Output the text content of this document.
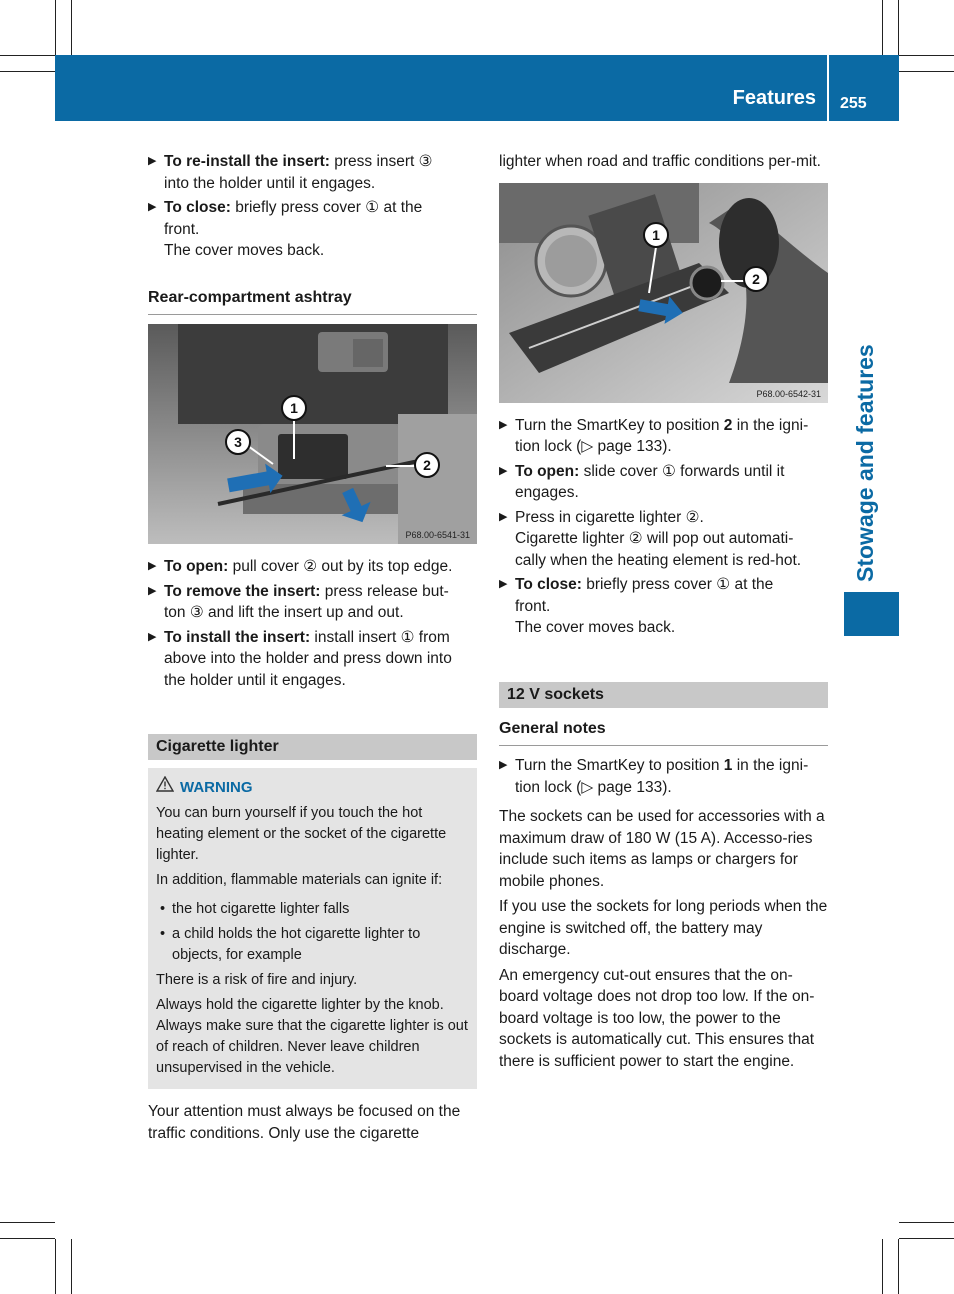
Features 255
Stowage and features
▶ To re-install the insert: press insert ③
into the holder until it engages.
▶ To close: briefly press cover ① at the
front.
The cover moves back.
Rear-compartment ashtray
1
2
3
P68.00-6541-31
▶ To open: pull cover ② out by its top edge.
▶ To remove the insert: press release but-
ton ③ and lift the insert up and out.
▶ To install the insert: install insert ① from
above into the holder and press down into
the holder until it engages.
Cigarette lighter
WARNING

You can burn yourself if you touch the hot heating element or the socket of the cigarette lighter.

In addition, flammable materials can ignite if:

• the hot cigarette lighter falls
• a child holds the hot cigarette lighter to objects, for example

There is a risk of fire and injury.

Always hold the cigarette lighter by the knob. Always make sure that the cigarette lighter is out of reach of children. Never leave children unsupervised in the vehicle.

Your attention must always be focused on the traffic conditions. Only use the cigarette

lighter when road and traffic conditions per-mit.

1
2
P68.00-6542-31
▶ Turn the SmartKey to position 2 in the igni-
tion lock (▷ page 133).
▶ To open: slide cover ① forwards until it
engages.
▶ Press in cigarette lighter ②.
Cigarette lighter ② will pop out automati-
cally when the heating element is red-hot.
▶ To close: briefly press cover ① at the
front.
The cover moves back.
12 V sockets
General notes
▶ Turn the SmartKey to position 1 in the igni-
tion lock (▷ page 133).

The sockets can be used for accessories with a maximum draw of 180 W (15 A). Accesso-ries include such items as lamps or chargers for mobile phones.

If you use the sockets for long periods when the engine is switched off, the battery may discharge.

An emergency cut-out ensures that the on-board voltage does not drop too low. If the on-board voltage is too low, the power to the sockets is automatically cut. This ensures that there is sufficient power to start the engine.
